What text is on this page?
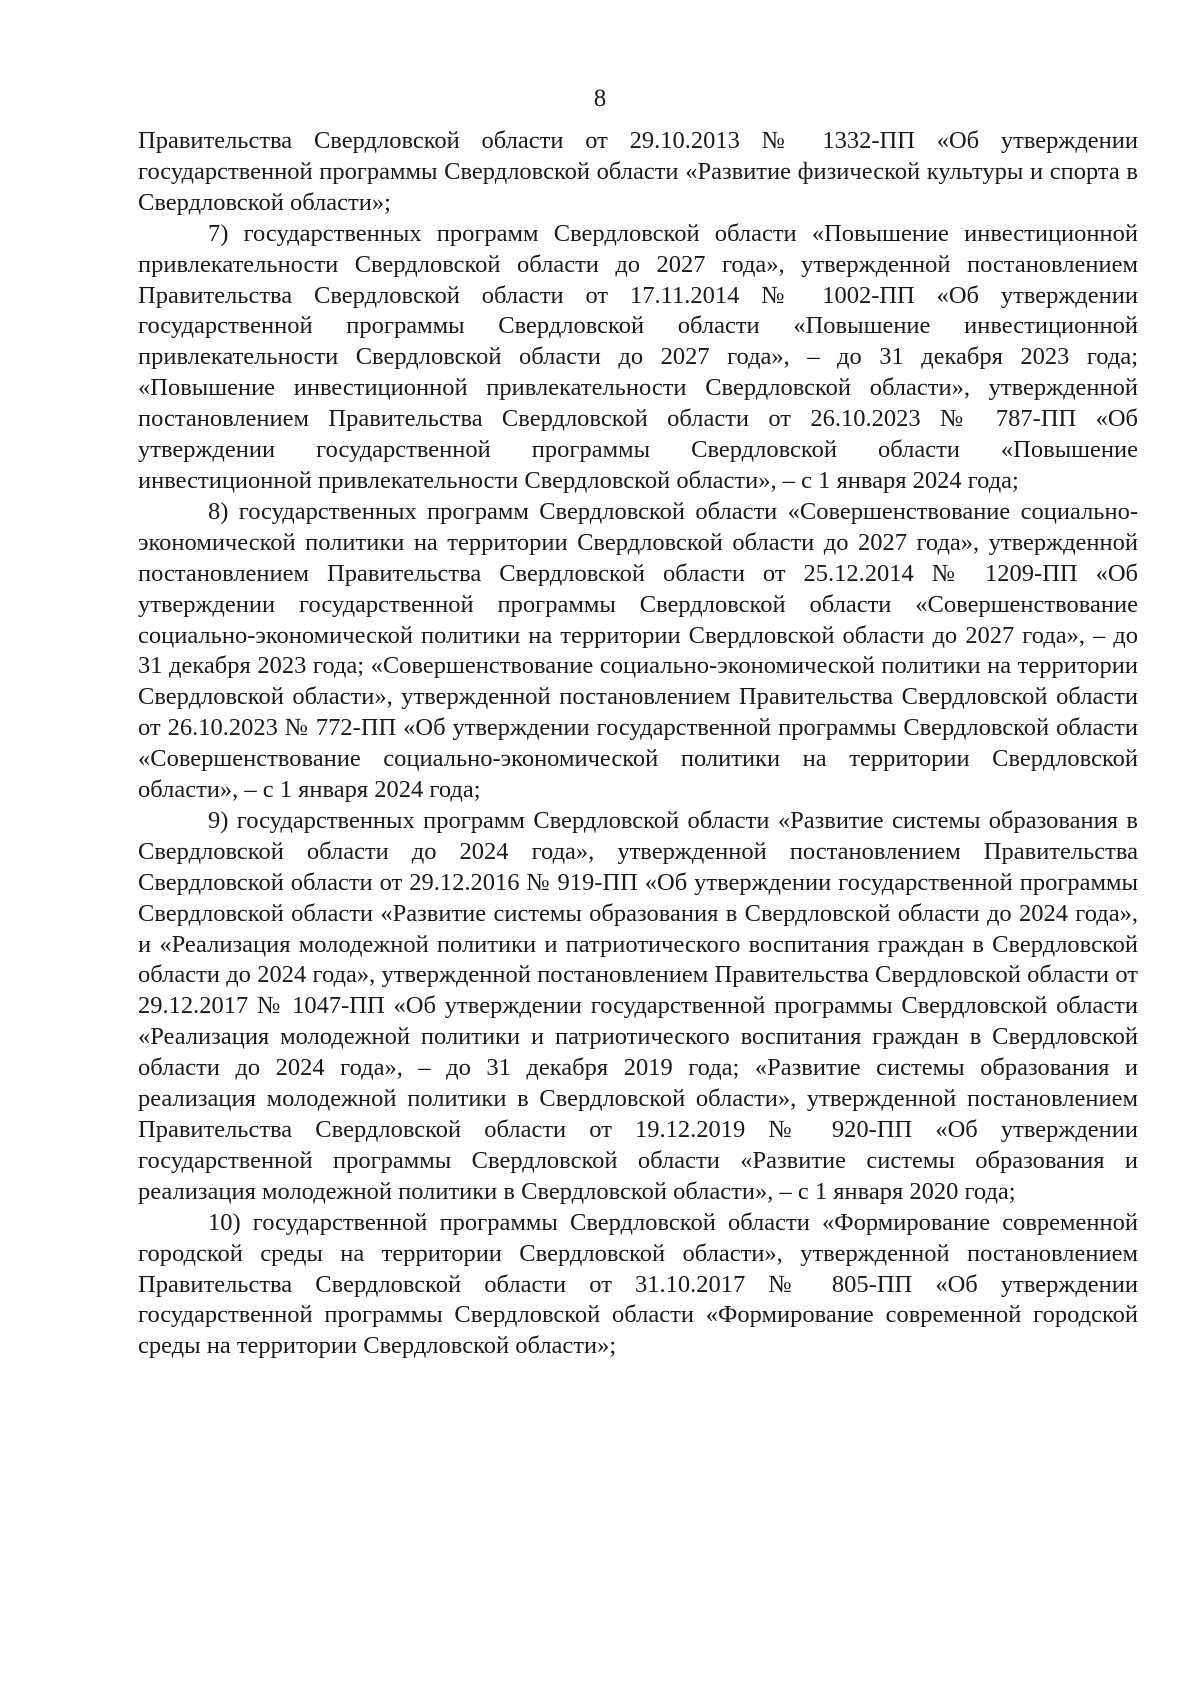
8

Правительства Свердловской области от 29.10.2013 № 1332-ПП «Об утверждении государственной программы Свердловской области «Развитие физической культуры и спорта в Свердловской области»;

7) государственных программ Свердловской области «Повышение инвестиционной привлекательности Свердловской области до 2027 года», утвержденной постановлением Правительства Свердловской области от 17.11.2014 № 1002-ПП «Об утверждении государственной программы Свердловской области «Повышение инвестиционной привлекательности Свердловской области до 2027 года», – до 31 декабря 2023 года; «Повышение инвестиционной привлекательности Свердловской области», утвержденной постановлением Правительства Свердловской области от 26.10.2023 № 787-ПП «Об утверждении государственной программы Свердловской области «Повышение инвестиционной привлекательности Свердловской области», – с 1 января 2024 года;

8) государственных программ Свердловской области «Совершенствование социально-экономической политики на территории Свердловской области до 2027 года», утвержденной постановлением Правительства Свердловской области от 25.12.2014 № 1209-ПП «Об утверждении государственной программы Свердловской области «Совершенствование социально-экономической политики на территории Свердловской области до 2027 года», – до 31 декабря 2023 года; «Совершенствование социально-экономической политики на территории Свердловской области», утвержденной постановлением Правительства Свердловской области от 26.10.2023 № 772-ПП «Об утверждении государственной программы Свердловской области «Совершенствование социально-экономической политики на территории Свердловской области», – с 1 января 2024 года;

9) государственных программ Свердловской области «Развитие системы образования в Свердловской области до 2024 года», утвержденной постановлением Правительства Свердловской области от 29.12.2016 № 919-ПП «Об утверждении государственной программы Свердловской области «Развитие системы образования в Свердловской области до 2024 года», и «Реализация молодежной политики и патриотического воспитания граждан в Свердловской области до 2024 года», утвержденной постановлением Правительства Свердловской области от 29.12.2017 № 1047-ПП «Об утверждении государственной программы Свердловской области «Реализация молодежной политики и патриотического воспитания граждан в Свердловской области до 2024 года», – до 31 декабря 2019 года; «Развитие системы образования и реализация молодежной политики в Свердловской области», утвержденной постановлением Правительства Свердловской области от 19.12.2019 № 920-ПП «Об утверждении государственной программы Свердловской области «Развитие системы образования и реализация молодежной политики в Свердловской области», – с 1 января 2020 года;

10) государственной программы Свердловской области «Формирование современной городской среды на территории Свердловской области», утвержденной постановлением Правительства Свердловской области от 31.10.2017 № 805-ПП «Об утверждении государственной программы Свердловской области «Формирование современной городской среды на территории Свердловской области»;
